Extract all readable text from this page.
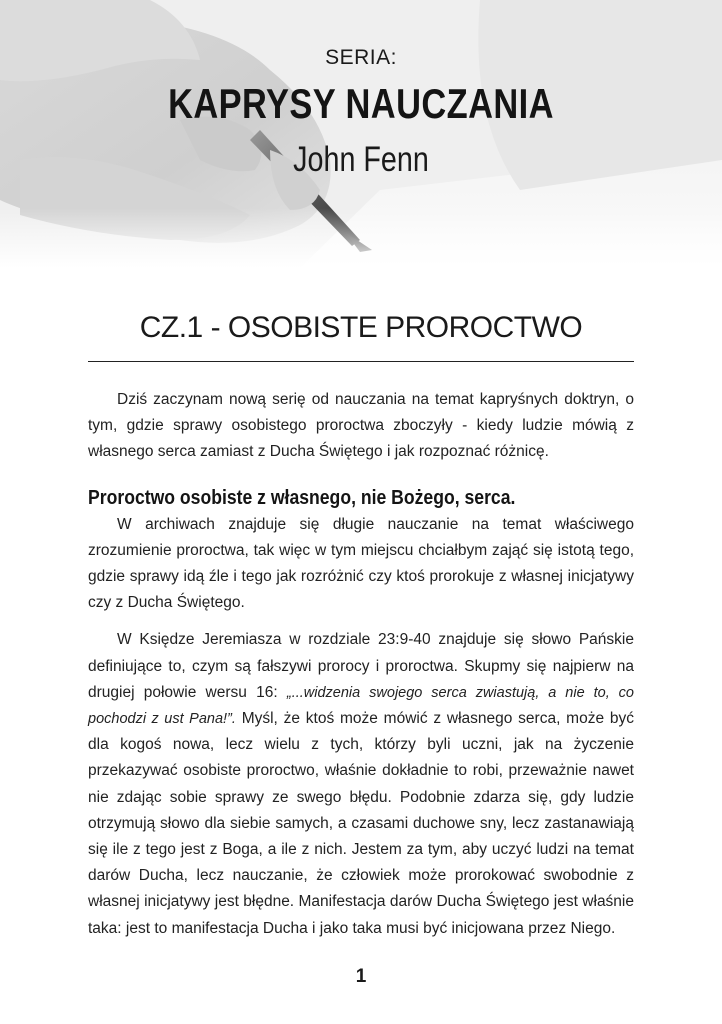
SERIA:
KAPRYSY NAUCZANIA
John Fenn
CZ.1 - OSOBISTE PROROCTWO

Dziś zaczynam nową serię od nauczania na temat kapryśnych doktryn, o tym, gdzie sprawy osobistego proroctwa zboczyły - kiedy ludzie mówią z własnego serca zamiast z Ducha Świętego i jak rozpoznać różnicę.

Proroctwo osobiste z własnego, nie Bożego, serca.

W archiwach znajduje się długie nauczanie na temat właściwego zrozumienie proroctwa, tak więc w tym miejscu chciałbym zająć się istotą tego, gdzie sprawy idą źle i tego jak rozróżnić czy ktoś prorokuje z własnej inicjatywy czy z Ducha Świętego.

W Księdze Jeremiasza w rozdziale 23:9-40 znajduje się słowo Pańskie definiujące to, czym są fałszywi prorocy i proroctwa. Skupmy się najpierw na drugiej połowie wersu 16: „...widzenia swojego serca zwiastują, a nie to, co pochodzi z ust Pana!”. Myśl, że ktoś może mówić z własnego serca, może być dla kogoś nowa, lecz wielu z tych, którzy byli uczni, jak na życzenie przekazywać osobiste proroctwo, właśnie dokładnie to robi, przeważnie nawet nie zdając sobie sprawy ze swego błędu. Podobnie zdarza się, gdy ludzie otrzymują słowo dla siebie samych, a czasami duchowe sny, lecz zastanawiają się ile z tego jest z Boga, a ile z nich. Jestem za tym, aby uczyć ludzi na temat darów Ducha, lecz nauczanie, że człowiek może prorokować swobodnie z własnej inicjatywy jest błędne. Manifestacja darów Ducha Świętego jest właśnie taka: jest to manifestacja Ducha i jako taka musi być inicjowana przez Niego.

1
